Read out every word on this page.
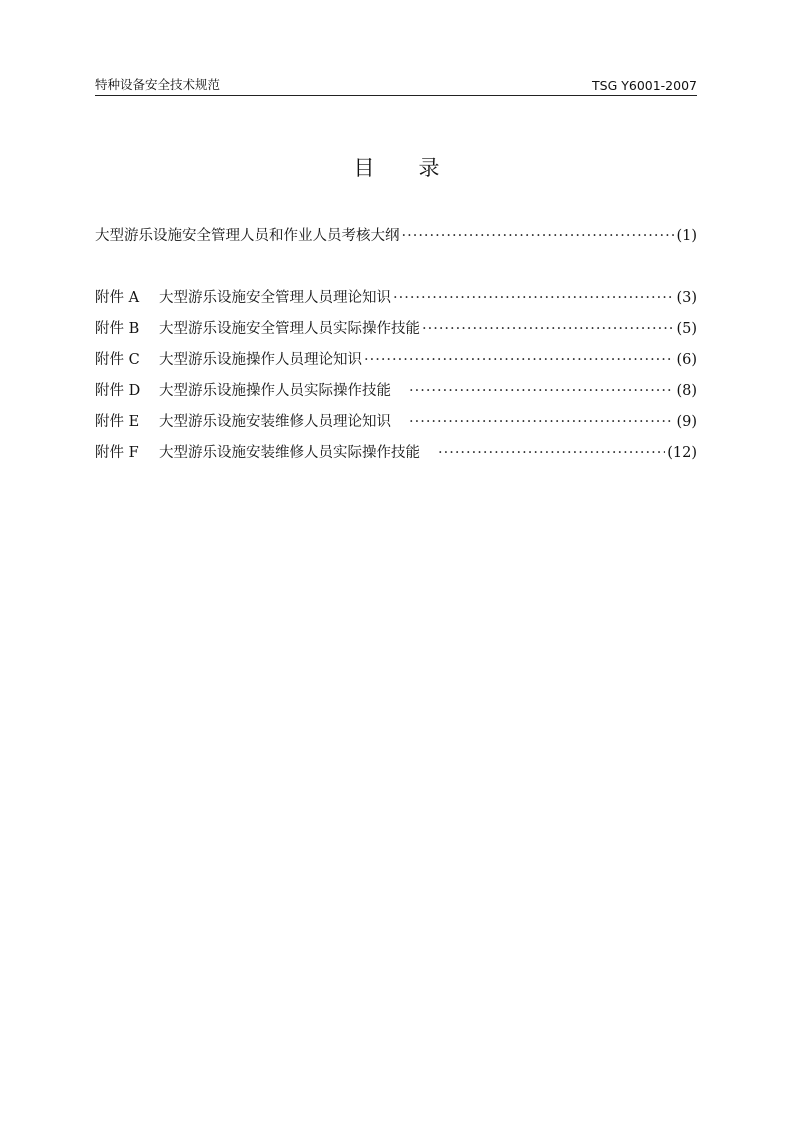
特种设备安全技术规范	TSG Y6001-2007
目录
大型游乐设施安全管理人员和作业人员考核大纲 ·····	(1)
附件 A	大型游乐设施安全管理人员理论知识 ·····	(3)
附件 B	大型游乐设施安全管理人员实际操作技能 ·····	(5)
附件 C	大型游乐设施操作人员理论知识 ·····	(6)
附件 D	大型游乐设施操作人员实际操作技能 ·····	(8)
附件 E	大型游乐设施安装维修人员理论知识 ·····	(9)
附件 F	大型游乐设施安装维修人员实际操作技能 ·····	(12)
